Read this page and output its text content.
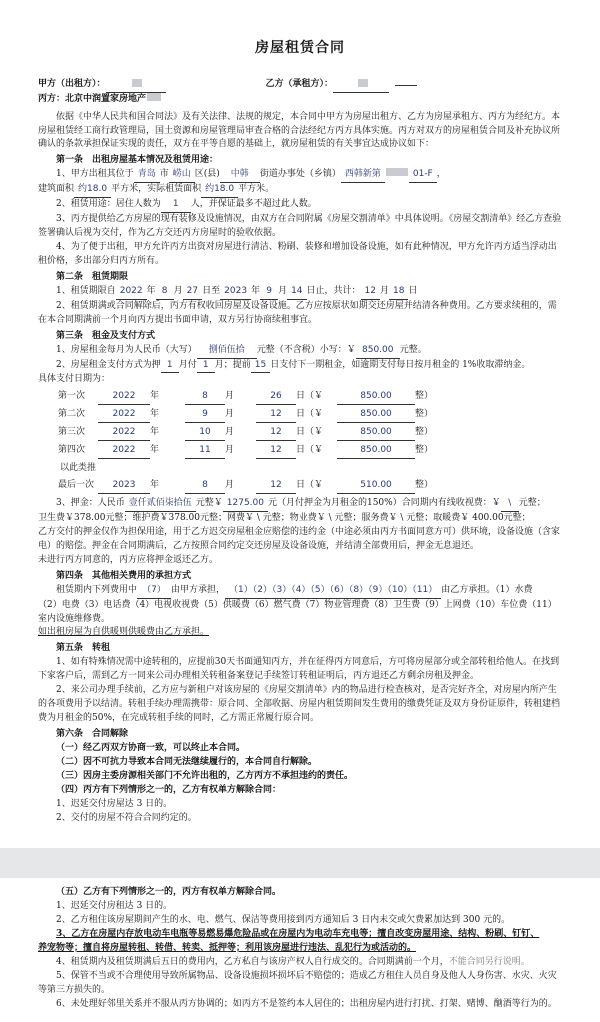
房屋租赁合同
甲方（出租方）：
	乙方（承租方）：

丙方：北京中润置家房地产

依据《中华人民共和国合同法》及有关法律、法规的规定，本合同中甲方为房屋出租方、乙方为房屋承租方、丙方为经纪方。本房屋租赁经工商行政管理局，国土资源和房屋管理局审查合格的合法经纪方丙方具体实施。丙方对双方的房屋租赁合同及补充协议所确认的条款承担保证实现的责任，双方在平等自愿的基础上，就房屋租赁的有关事宜达成协议如下：

第一条　出租房屋基本情况及租赁用途：
1、甲方出租其位于 青岛 市 崂山 区(县)	中韩	街道办事处（乡镇） 西韩新第	01-F ，
建筑面积 约18.0 平方米，实际租赁面积 约18.0 平方米。
2、租赁用途：居住人数为	1	人，并保证最多不超过此人数。

3、丙方提供给乙方房屋的现有装修及设施情况，由双方在合同附属《房屋交割清单》中具体说明。《房屋交割清单》经乙方查验签署确认后视为交付，作为乙方交还丙方房屋时的验收依据。

4、为了便于出租，甲方允许丙方出资对房屋进行清洁、粉刷、装修和增加设备设施，如有此种情况，甲方允许丙方适当浮动出租价格，多出部分归丙方所有。

第二条　租赁期限
1、租赁期限自 2022 年 8 月 27 日至 2023 年 9 月 14 日止，共计： 12 月 18 日

2、租赁期满或合同解除后，丙方有权收回房屋及设备设施。乙方应按原状如期交还房屋并结清各种费用。乙方要求续租的，需在本合同期满前一个月向丙方提出书面申请，双方另行协商续租事宜。

第三条　租金及支付方式
1、房屋租金每月为人民币（大写）	捌佰伍拾	元整（不含税）小写：￥ 850.00 元整。
2、房屋租金支付方式为押 1 月付 1 月；提前 15 日支付下一期租金，如逾期支付每日按月租金的 1%收取滞纳金。
具体支付日期为：
第一次	2022	年	8	月	26	日（￥	850.00	整）
第二次	2022	年	9	月	12	日（￥	850.00	整）
第三次	2022	年	10	月	12	日（￥	850.00	整）
第四次	2022	年	11	月	12	日（￥	850.00	整）
以此类推
最后一次	2023	年	8	月	12	日（￥	510.00	整）
3、押金：人民币 壹仟贰佰柒拾伍 元整￥ 1275.00 元（月付押金为月租金的150%）合同期内有线收视费：￥ \ 元整；
卫生费￥378.00元整；维护费￥378.00元整；网费￥ \ 元整；物业费￥ \ 元整；服务费￥ \ 元整；取暖费￥ 400.00元整；

乙方交付的押金仅作为担保用途，用于乙方迟交房屋租金应赔偿的违约金（中途必须由丙方书面同意方可）供环境，设备设施（含家电）的赔偿。押金在合同期满后，乙方按照合同约定交还房屋及设备设施，并结清全部费用后，押金无息退还。

未进行丙方同意的，丙方应将押金返还乙方。

第四条　其他相关费用的承担方式
租赁期内下列费用中 （7） 由甲方承担， （1）（2）（3）（4）（5）（6）（8）（9）（10）（11） 由乙方承担。（1）水费

（2）电费（3）电话费（4）电视收视费（5）供暖费（6）燃气费（7）物业管理费（8）卫生费（9）上网费（10）车位费（11）室内设施维修费。

如出租房屋为自供暖则供暖费由乙方承担。

第五条　转租

1、如有特殊情况需中途转租的，应提前30天书面通知丙方，并在征得丙方同意后，方可将房屋部分或全部转租给他人。在找到下家客户后，需到乙方一同来公司办理相关转租备案登记手续签订转租证明后，丙方退还乙方剩余房租及押金。

2、来公司办理手续前，乙方应与新租户对该房屋的《房屋交割清单》内的物品进行检查核对，是否完好齐全，对房屋内所产生的各项费用予以结清。转租手续办理需携带：原合同、全部收据、房屋内租赁期间发生费用的缴费凭证及双方身份证原件，转租建档费为月租金的50%，在完成转租手续的同时，乙方需正常履行原合同。

第六条　合同解除
（一）经乙丙双方协商一致，可以终止本合同。
（二）因不可抗力导致本合同无法继续履行的，本合同自行解除。
（三）因房主委房源相关部门不允许出租的，乙方丙方不承担违约的责任。
（四）丙方有下列情形之一的，乙方有权单方解除合同：
1、迟延交付房屋达 3 日的。
2、交付的房屋不符合合同约定的。
（五）乙方有下列情形之一的，丙方有权单方解除合同。
1、迟延交付房租达 3 日的。

2、乙方租住该房屋期间产生的水、电、燃气、保洁等费用接到丙方通知后 3 日内未交或欠费累加达到 300 元的。

3、乙方在房屋内存放电动车电瓶等易燃易爆危险品或在房屋内为电动车充电等；擅自改变房屋用途、结构、粉刷、钉钉、
养宠物等；擅自将房屋转租、转借、转卖、抵押等；利用该房屋进行违法、乱犯行为或活动的。
4、租赁期内及租赁期满后五日的费用内，乙方私自与该房产权人自行成交的。合同期满前一个月， 不能合同另行说明。

5、保管不当或不合理使用导致所属物品、设备设施损坏损坏后不赔偿的；造成乙方租住人员自身及他人人身伤害、水灾、火灾等第三方损失的。

6、未处理好邻里关系并不服从丙方协调的；如丙方不是签约本人居住的；出租房屋内进行打扰、打架、赌博、酗酒等行为的。
